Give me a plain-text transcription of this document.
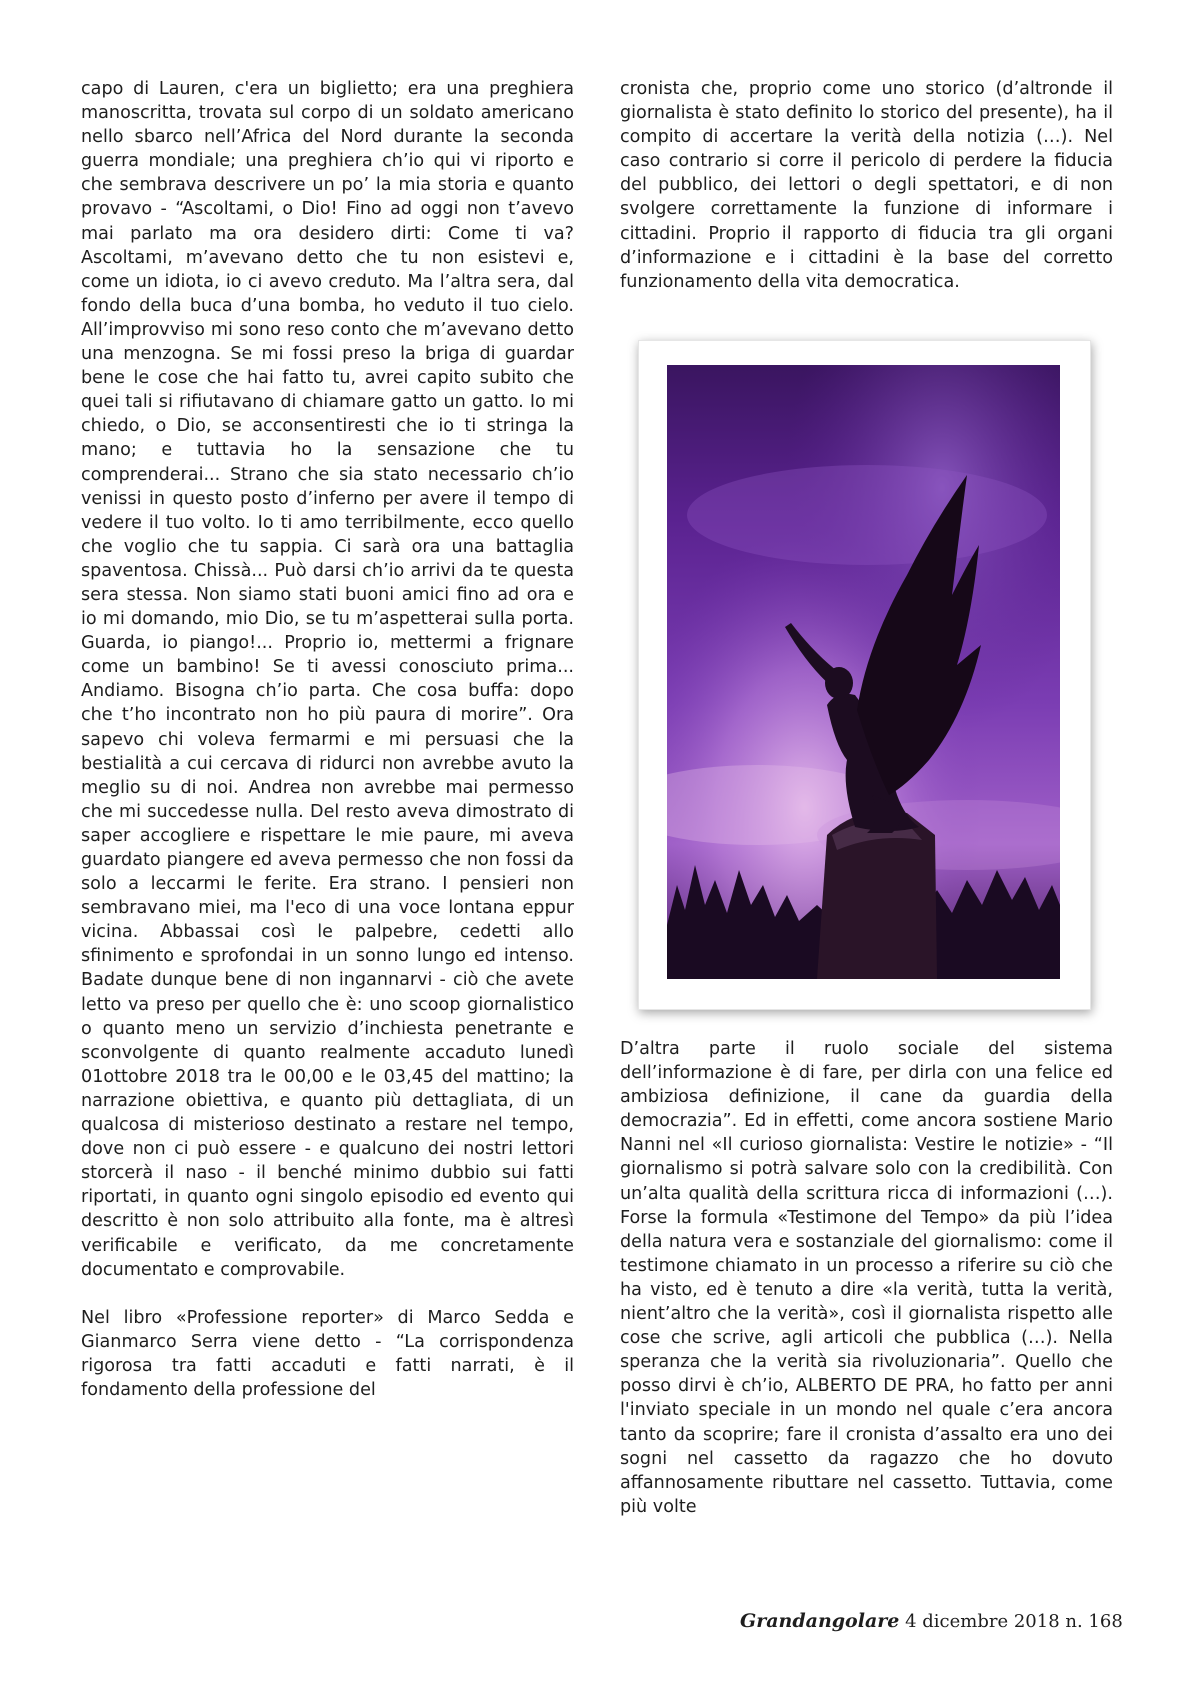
capo di Lauren, c'era un biglietto; era una preghiera manoscritta, trovata sul corpo di un soldato americano nello sbarco nell’Africa del Nord durante la seconda guerra mondiale; una preghiera ch’io qui vi riporto e che sembrava descrivere un po’ la mia storia e quanto provavo - “Ascoltami, o Dio! Fino ad oggi non t’avevo mai parlato ma ora desidero dirti: Come ti va? Ascoltami, m’avevano detto che tu non esistevi e, come un idiota, io ci avevo creduto. Ma l’altra sera, dal fondo della buca d’una bomba, ho veduto il tuo cielo. All’improvviso mi sono reso conto che m’avevano detto una menzogna. Se mi fossi preso la briga di guardar bene le cose che hai fatto tu, avrei capito subito che quei tali si rifiutavano di chiamare gatto un gatto. Io mi chiedo, o Dio, se acconsentiresti che io ti stringa la mano; e tuttavia ho la sensazione che tu comprenderai... Strano che sia stato necessario ch’io venissi in questo posto d’inferno per avere il tempo di vedere il tuo volto. Io ti amo terribilmente, ecco quello che voglio che tu sappia. Ci sarà ora una battaglia spaventosa. Chissà... Può darsi ch’io arrivi da te questa sera stessa. Non siamo stati buoni amici fino ad ora e io mi domando, mio Dio, se tu m’aspetterai sulla porta. Guarda, io piango!... Proprio io, mettermi a frignare come un bambino! Se ti avessi conosciuto prima... Andiamo. Bisogna ch’io parta. Che cosa buffa: dopo che t’ho incontrato non ho più paura di morire”. Ora sapevo chi voleva fermarmi e mi persuasi che la bestialità a cui cercava di ridurci non avrebbe avuto la meglio su di noi. Andrea non avrebbe mai permesso che mi succedesse nulla. Del resto aveva dimostrato di saper accogliere e rispettare le mie paure, mi aveva guardato piangere ed aveva permesso che non fossi da solo a leccarmi le ferite. Era strano. I pensieri non sembravano miei, ma l'eco di una voce lontana eppur vicina. Abbassai così le palpebre, cedetti allo sfinimento e sprofondai in un sonno lungo ed intenso. Badate dunque bene di non ingannarvi - ciò che avete letto va preso per quello che è: uno scoop giornalistico o quanto meno un servizio d’inchiesta penetrante e sconvolgente di quanto realmente accaduto lunedì 01ottobre 2018 tra le 00,00 e le 03,45 del mattino; la narrazione obiettiva, e quanto più dettagliata, di un qualcosa di misterioso destinato a restare nel tempo, dove non ci può essere - e qualcuno dei nostri lettori storcerà il naso - il benché minimo dubbio sui fatti riportati, in quanto ogni singolo episodio ed evento qui descritto è non solo attribuito alla fonte, ma è altresì verificabile e verificato, da me concretamente documentato e comprovabile.

Nel libro «Professione reporter» di Marco Sedda e Gianmarco Serra viene detto - “La corrispondenza rigorosa tra fatti accaduti e fatti narrati, è il fondamento della professione del

cronista che, proprio come uno storico (d’altronde il giornalista è stato definito lo storico del presente), ha il compito di accertare la verità della notizia (…). Nel caso contrario si corre il pericolo di perdere la fiducia del pubblico, dei lettori o degli spettatori, e di non svolgere correttamente la funzione di informare i cittadini. Proprio il rapporto di fiducia tra gli organi d’informazione e i cittadini è la base del corretto funzionamento della vita democratica.

D’altra parte il ruolo sociale del sistema dell’informazione è di fare, per dirla con una felice ed ambiziosa definizione, il cane da guardia della democrazia”. Ed in effetti, come ancora sostiene Mario Nanni nel «Il curioso giornalista: Vestire le notizie» - “Il giornalismo si potrà salvare solo con la credibilità. Con un’alta qualità della scrittura ricca di informazioni (…). Forse la formula «Testimone del Tempo» da più l’idea della natura vera e sostanziale del giornalismo: come il testimone chiamato in un processo a riferire su ciò che ha visto, ed è tenuto a dire «la verità, tutta la verità, nient’altro che la verità», così il giornalista rispetto alle cose che scrive, agli articoli che pubblica (…). Nella speranza che la verità sia rivoluzionaria”. Quello che posso dirvi è ch’io, ALBERTO DE PRA, ho fatto per anni l'inviato speciale in un mondo nel quale c’era ancora tanto da scoprire; fare il cronista d’assalto era uno dei sogni nel cassetto da ragazzo che ho dovuto affannosamente ributtare nel cassetto. Tuttavia, come più volte

Grandangolare 4 dicembre 2018 n. 168
